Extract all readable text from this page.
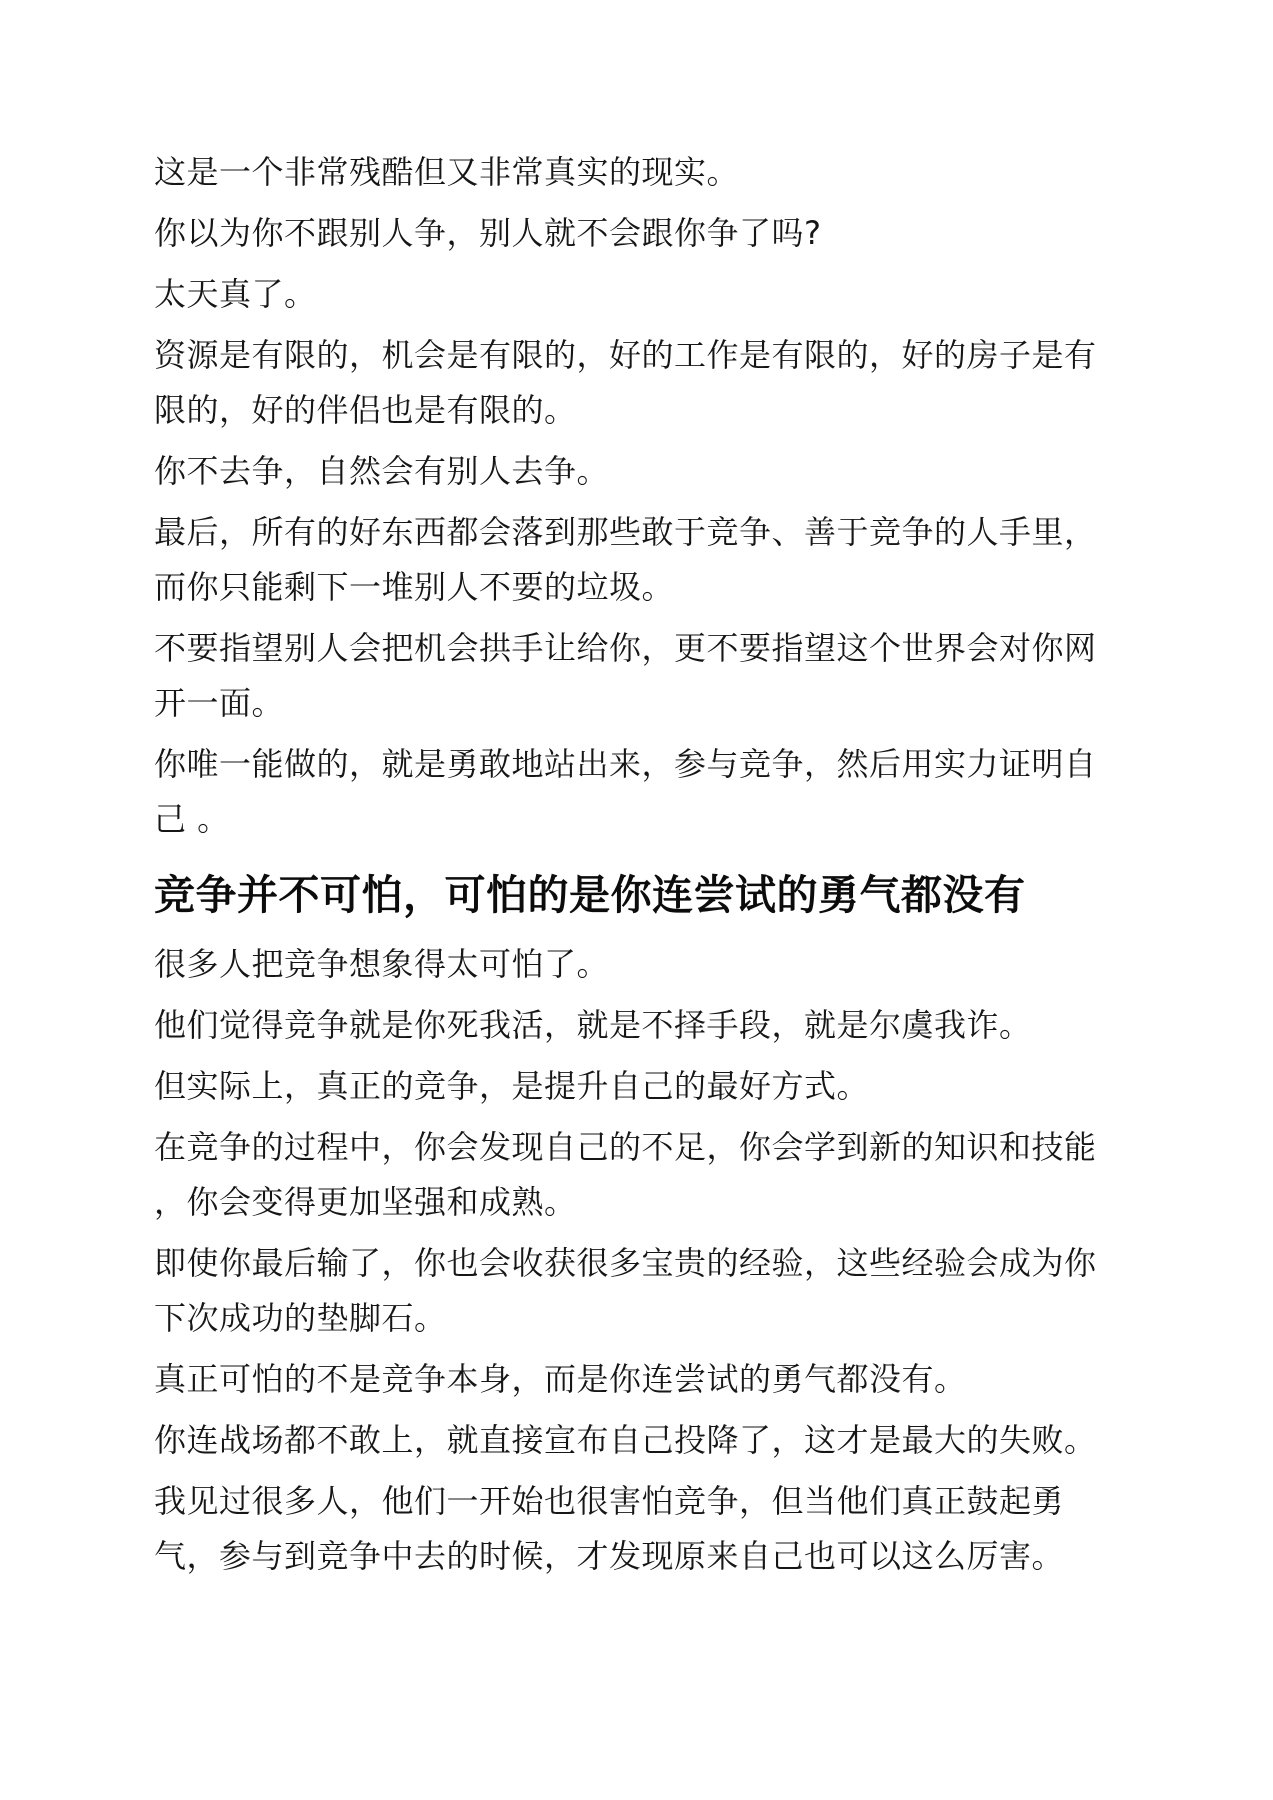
这是一个非常残酷但又非常真实的现实。

你以为你不跟别人争，别人就不会跟你争了吗?

太天真了。

资源是有限的，机会是有限的，好的工作是有限的，好的房子是有限的，好的伴侣也是有限的。

你不去争，自然会有别人去争。

最后，所有的好东西都会落到那些敢于竞争、善于竞争的人手里，而你只能剩下一堆别人不要的垃圾。

不要指望别人会把机会拱手让给你，更不要指望这个世界会对你网开一面。

你唯一能做的，就是勇敢地站出来，参与竞争，然后用实力证明自 己 。

竞争并不可怕，可怕的是你连尝试的勇气都没有

很多人把竞争想象得太可怕了。

他们觉得竞争就是你死我活，就是不择手段，就是尔虞我诈。

但实际上，真正的竞争，是提升自己的最好方式。

在竞争的过程中，你会发现自己的不足，你会学到新的知识和技能 ，你会变得更加坚强和成熟。

即使你最后输了，你也会收获很多宝贵的经验，这些经验会成为你下次成功的垫脚石。

真正可怕的不是竞争本身，而是你连尝试的勇气都没有。

你连战场都不敢上，就直接宣布自己投降了，这才是最大的失败。

我见过很多人，他们一开始也很害怕竞争，但当他们真正鼓起勇气，参与到竞争中去的时候，才发现原来自己也可以这么厉害。
